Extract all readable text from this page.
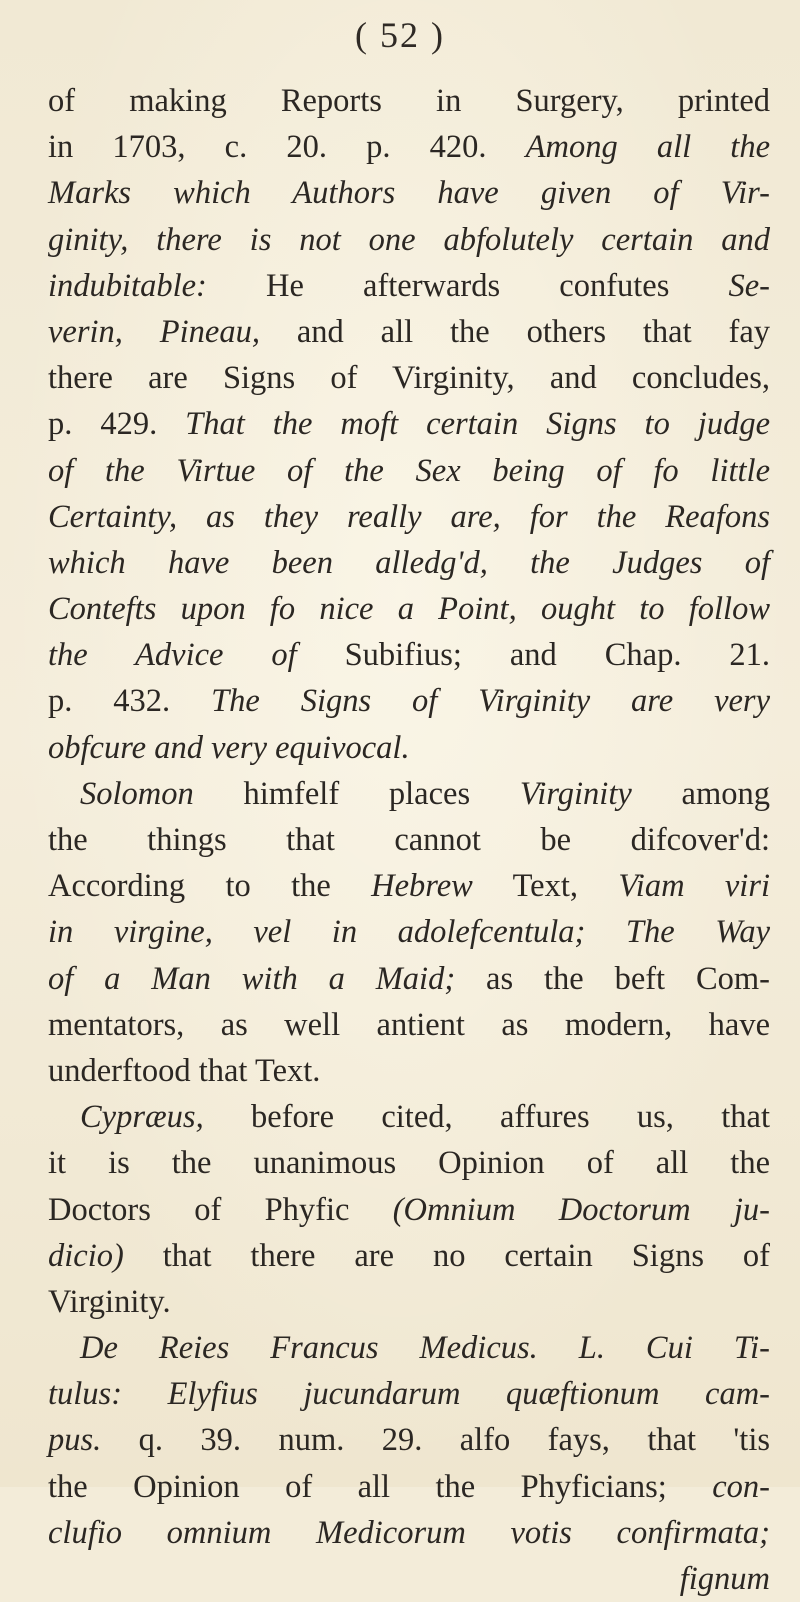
( 52 )
of making Reports in Surgery, printed
in 1703, c. 20. p. 420. Among all the
Marks which Authors have given of Vir-
ginity, there is not one abfolutely certain and
indubitable: He afterwards confutes Se-
verin, Pineau, and all the others that fay
there are Signs of Virginity, and concludes,
p. 429. That the moft certain Signs to judge
of the Virtue of the Sex being of fo little
Certainty, as they really are, for the Reafons
which have been alledg'd, the Judges of
Contefts upon fo nice a Point, ought to follow
the Advice of Subifius; and Chap. 21.
p. 432. The Signs of Virginity are very
obfcure and very equivocal.
Solomon himfelf places Virginity among
the things that cannot be difcover'd:
According to the Hebrew Text, Viam viri
in virgine, vel in adolefcentula; The Way
of a Man with a Maid; as the beft Com-
mentators, as well antient as modern, have
underftood that Text.
Cypræus, before cited, affures us, that
it is the unanimous Opinion of all the
Doctors of Phyfic (Omnium Doctorum ju-
dicio) that there are no certain Signs of
Virginity.
De Reies Francus Medicus. L. Cui Ti-
tulus: Elyfius jucundarum quæftionum cam-
pus. q. 39. num. 29. alfo fays, that 'tis
the Opinion of all the Phyficians; con-
clufio omnium Medicorum votis confirmata;
fignum
